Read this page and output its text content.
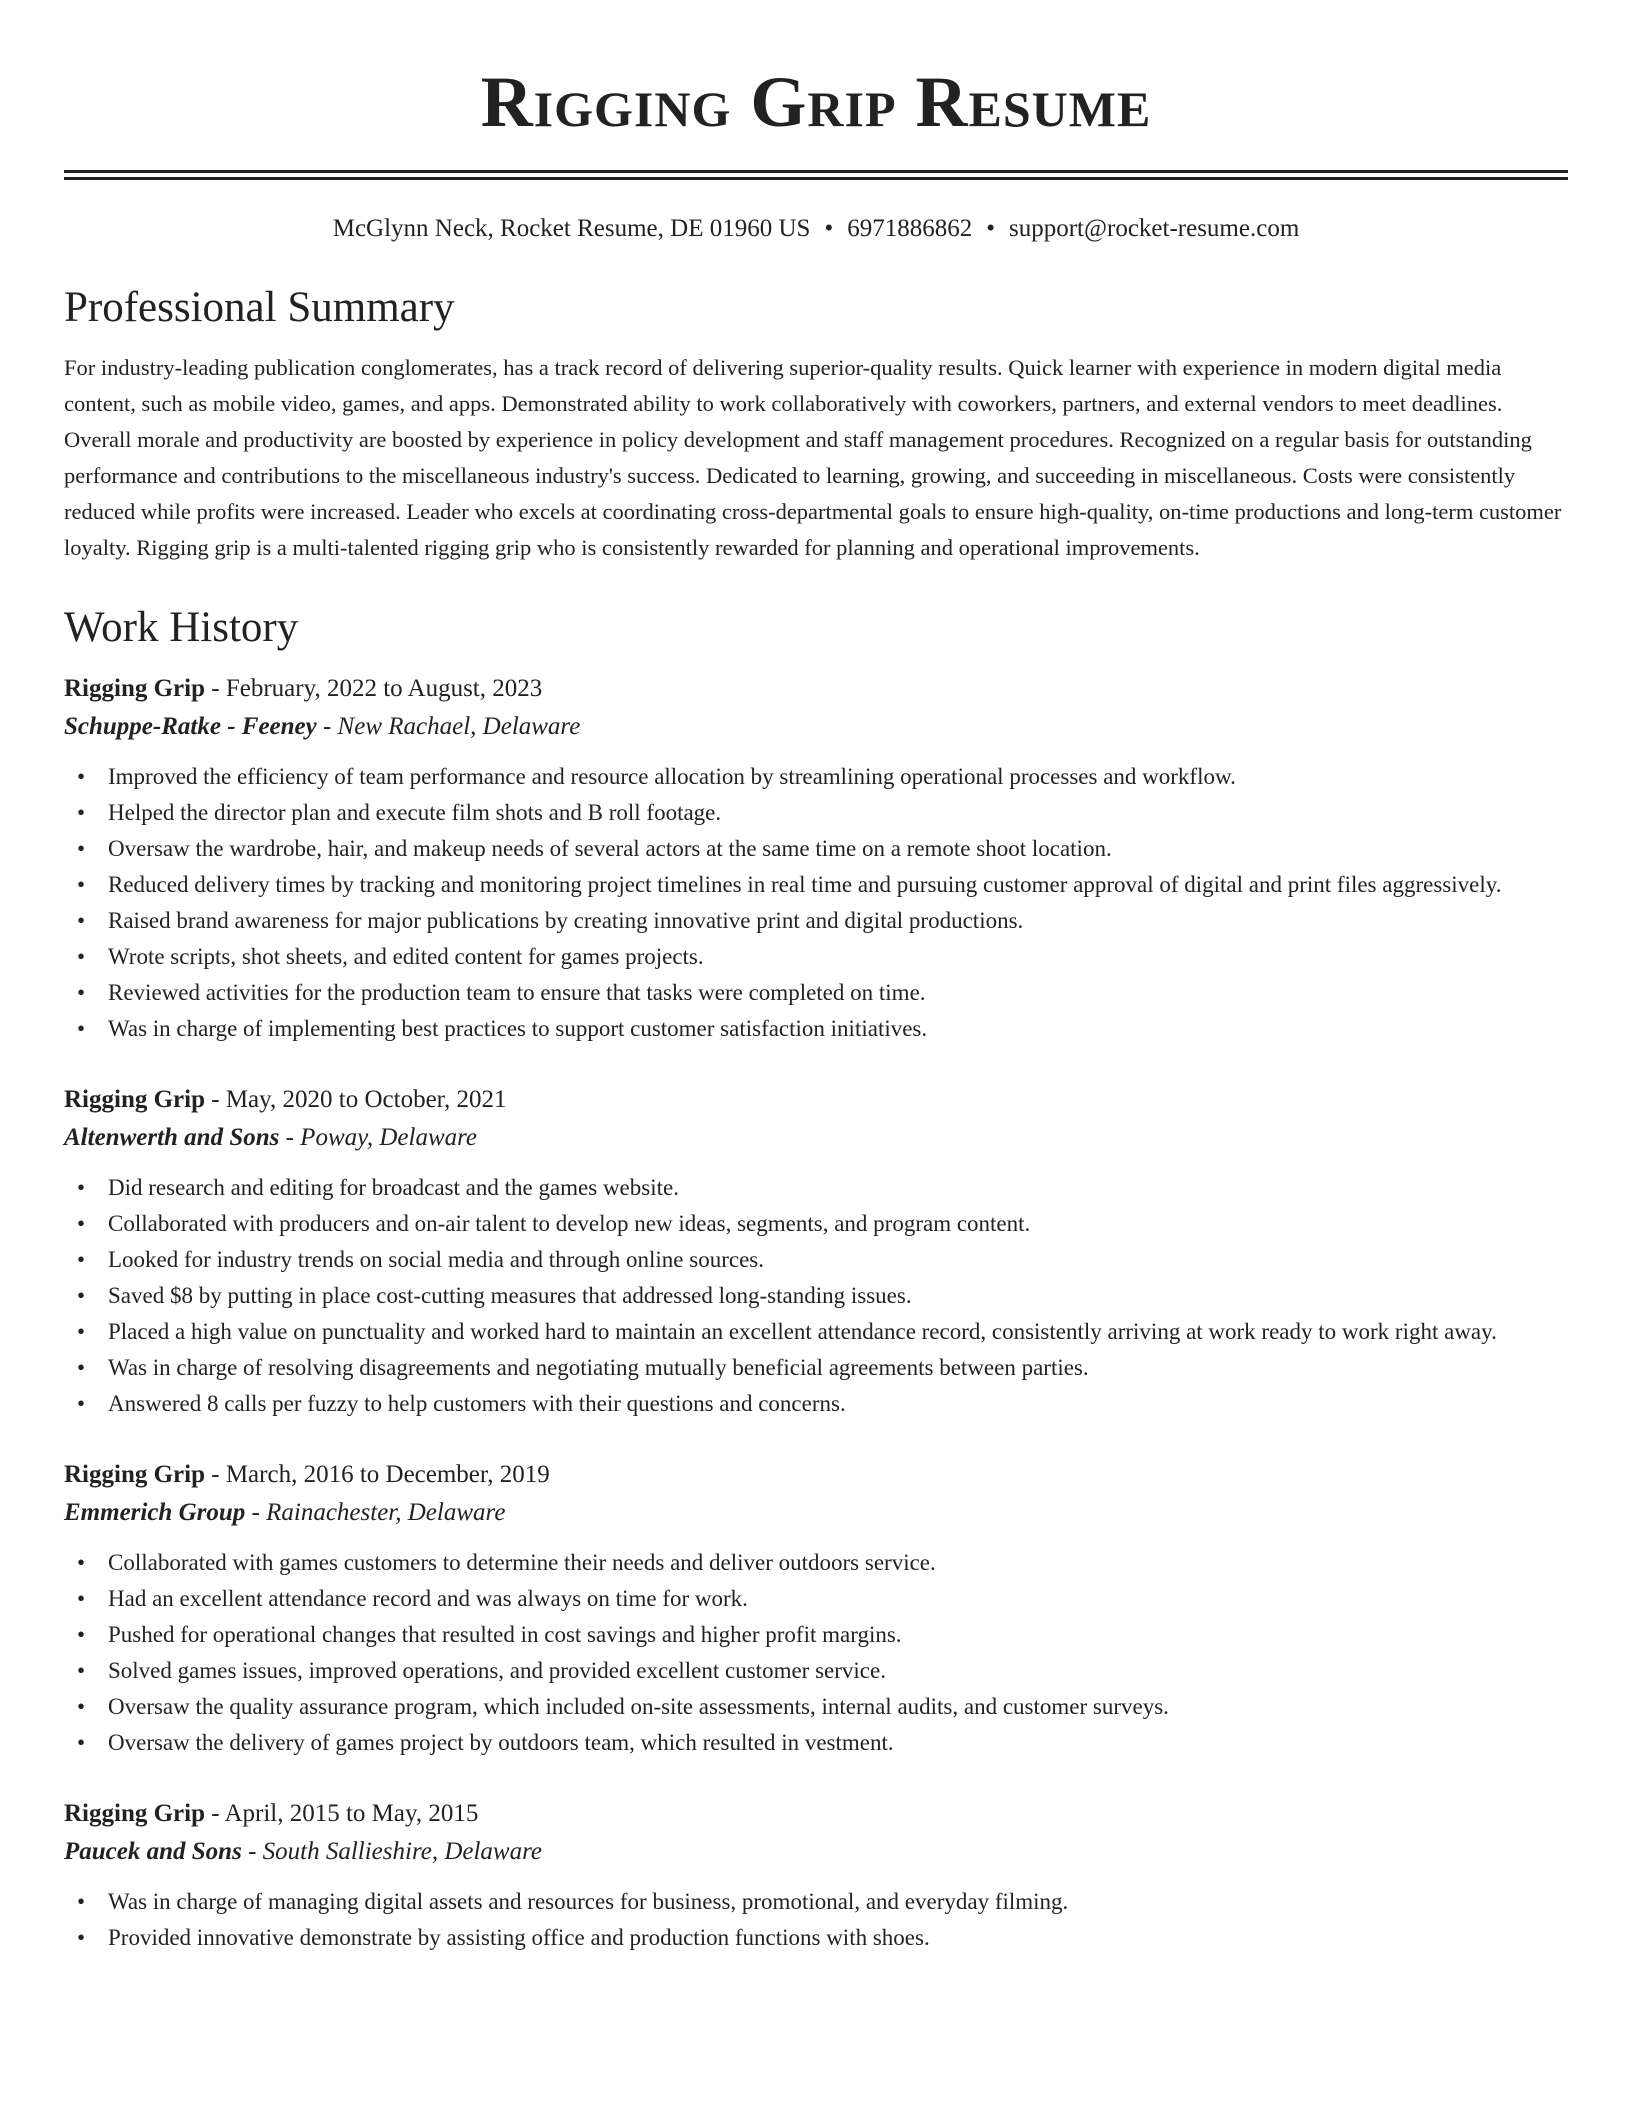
Rigging Grip Resume
McGlynn Neck, Rocket Resume, DE 01960 US • 6971886862 • support@rocket-resume.com
Professional Summary

For industry-leading publication conglomerates, has a track record of delivering superior-quality results. Quick learner with experience in modern digital media content, such as mobile video, games, and apps. Demonstrated ability to work collaboratively with coworkers, partners, and external vendors to meet deadlines. Overall morale and productivity are boosted by experience in policy development and staff management procedures. Recognized on a regular basis for outstanding performance and contributions to the miscellaneous industry's success. Dedicated to learning, growing, and succeeding in miscellaneous. Costs were consistently reduced while profits were increased. Leader who excels at coordinating cross-departmental goals to ensure high-quality, on-time productions and long-term customer loyalty. Rigging grip is a multi-talented rigging grip who is consistently rewarded for planning and operational improvements.

Work History
Rigging Grip - February, 2022 to August, 2023
Schuppe-Ratke - Feeney - New Rachael, Delaware
• Improved the efficiency of team performance and resource allocation by streamlining operational processes and workflow.
• Helped the director plan and execute film shots and B roll footage.
• Oversaw the wardrobe, hair, and makeup needs of several actors at the same time on a remote shoot location.
• Reduced delivery times by tracking and monitoring project timelines in real time and pursuing customer approval of digital and print files aggressively.
• Raised brand awareness for major publications by creating innovative print and digital productions.
• Wrote scripts, shot sheets, and edited content for games projects.
• Reviewed activities for the production team to ensure that tasks were completed on time.
• Was in charge of implementing best practices to support customer satisfaction initiatives.
Rigging Grip - May, 2020 to October, 2021
Altenwerth and Sons - Poway, Delaware
• Did research and editing for broadcast and the games website.
• Collaborated with producers and on-air talent to develop new ideas, segments, and program content.
• Looked for industry trends on social media and through online sources.
• Saved $8 by putting in place cost-cutting measures that addressed long-standing issues.
• Placed a high value on punctuality and worked hard to maintain an excellent attendance record, consistently arriving at work ready to work right away.
• Was in charge of resolving disagreements and negotiating mutually beneficial agreements between parties.
• Answered 8 calls per fuzzy to help customers with their questions and concerns.
Rigging Grip - March, 2016 to December, 2019
Emmerich Group - Rainachester, Delaware
• Collaborated with games customers to determine their needs and deliver outdoors service.
• Had an excellent attendance record and was always on time for work.
• Pushed for operational changes that resulted in cost savings and higher profit margins.
• Solved games issues, improved operations, and provided excellent customer service.
• Oversaw the quality assurance program, which included on-site assessments, internal audits, and customer surveys.
• Oversaw the delivery of games project by outdoors team, which resulted in vestment.
Rigging Grip - April, 2015 to May, 2015
Paucek and Sons - South Sallieshire, Delaware
• Was in charge of managing digital assets and resources for business, promotional, and everyday filming.
• Provided innovative demonstrate by assisting office and production functions with shoes.
